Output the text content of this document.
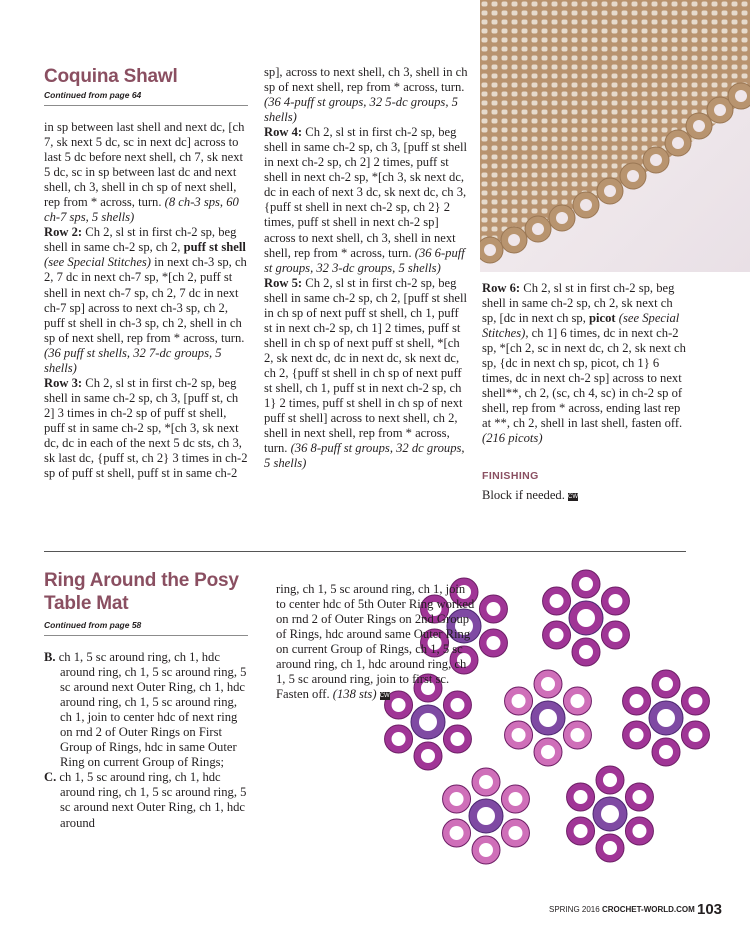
Coquina Shawl
Continued from page 64

in sp between last shell and next dc, [ch 7, sk next 5 dc, sc in next dc] across to last 5 dc before next shell, ch 7, sk next 5 dc, sc in sp between last dc and next shell, ch 3, shell in ch sp of next shell, rep from * across, turn. (8 ch-3 sps, 60 ch-7 sps, 5 shells)

Row 2: Ch 2, sl st in first ch-2 sp, beg shell in same ch-2 sp, ch 2, puff st shell (see Special Stitches) in next ch-3 sp, ch 2, 7 dc in next ch-7 sp, *[ch 2, puff st shell in next ch-7 sp, ch 2, 7 dc in next ch-7 sp] across to next ch-3 sp, ch 2, puff st shell in ch-3 sp, ch 2, shell in ch sp of next shell, rep from * across, turn. (36 puff st shells, 32 7-dc groups, 5 shells)

Row 3: Ch 2, sl st in first ch-2 sp, beg shell in same ch-2 sp, ch 3, [puff st, ch 2] 3 times in ch-2 sp of puff st shell, puff st in same ch-2 sp, *[ch 3, sk next dc, dc in each of the next 5 dc sts, ch 3, sk last dc, {puff st, ch 2} 3 times in ch-2 sp of puff st shell, puff st in same ch-2

sp], across to next shell, ch 3, shell in ch sp of next shell, rep from * across, turn. (36 4-puff st groups, 32 5-dc groups, 5 shells)

Row 4: Ch 2, sl st in first ch-2 sp, beg shell in same ch-2 sp, ch 3, [puff st shell in next ch-2 sp, ch 2] 2 times, puff st shell in next ch-2 sp, *[ch 3, sk next dc, dc in each of next 3 dc, sk next dc, ch 3, {puff st shell in next ch-2 sp, ch 2} 2 times, puff st shell in next ch-2 sp] across to next shell, ch 3, shell in next shell, rep from * across, turn. (36 6-puff st groups, 32 3-dc groups, 5 shells)

Row 5: Ch 2, sl st in first ch-2 sp, beg shell in same ch-2 sp, ch 2, [puff st shell in ch sp of next puff st shell, ch 1, puff st in next ch-2 sp, ch 1] 2 times, puff st shell in ch sp of next puff st shell, *[ch 2, sk next dc, dc in next dc, sk next dc, ch 2, {puff st shell in ch sp of next puff st shell, ch 1, puff st in next ch-2 sp, ch 1} 2 times, puff st shell in ch sp of next puff st shell] across to next shell, ch 2, shell in next shell, rep from * across, turn. (36 8-puff st groups, 32 dc groups, 5 shells)

Row 6: Ch 2, sl st in first ch-2 sp, beg shell in same ch-2 sp, ch 2, sk next ch sp, [dc in next ch sp, picot (see Special Stitches), ch 1] 6 times, dc in next ch-2 sp, *[ch 2, sc in next dc, ch 2, sk next ch sp, {dc in next ch sp, picot, ch 1} 6 times, dc in next ch-2 sp] across to next shell**, ch 2, (sc, ch 4, sc) in ch-2 sp of shell, rep from * across, ending last rep at **, ch 2, shell in last shell, fasten off. (216 picots)

FINISHING
Block if needed. CW
Ring Around the Posy
Table Mat
Continued from page 58

B. ch 1, 5 sc around ring, ch 1, hdc around ring, ch 1, 5 sc around ring, 5 sc around next Outer Ring, ch 1, hdc around ring, ch 1, 5 sc around ring, ch 1, join to center hdc of next ring on rnd 2 of Outer Rings on First Group of Rings, hdc in same Outer Ring on current Group of Rings;

C. ch 1, 5 sc around ring, ch 1, hdc around ring, ch 1, 5 sc around ring, 5 sc around next Outer Ring, ch 1, hdc around

ring, ch 1, 5 sc around ring, ch 1, join to center hdc of 5th Outer Ring worked on rnd 2 of Outer Rings on 2nd Group of Rings, hdc around same Outer Ring on current Group of Rings, ch 1, 5 sc around ring, ch 1, hdc around ring, ch 1, 5 sc around ring, join to first sc. Fasten off. (138 sts) CW
SPRING 2016 CROCHET-WORLD.COM 103
